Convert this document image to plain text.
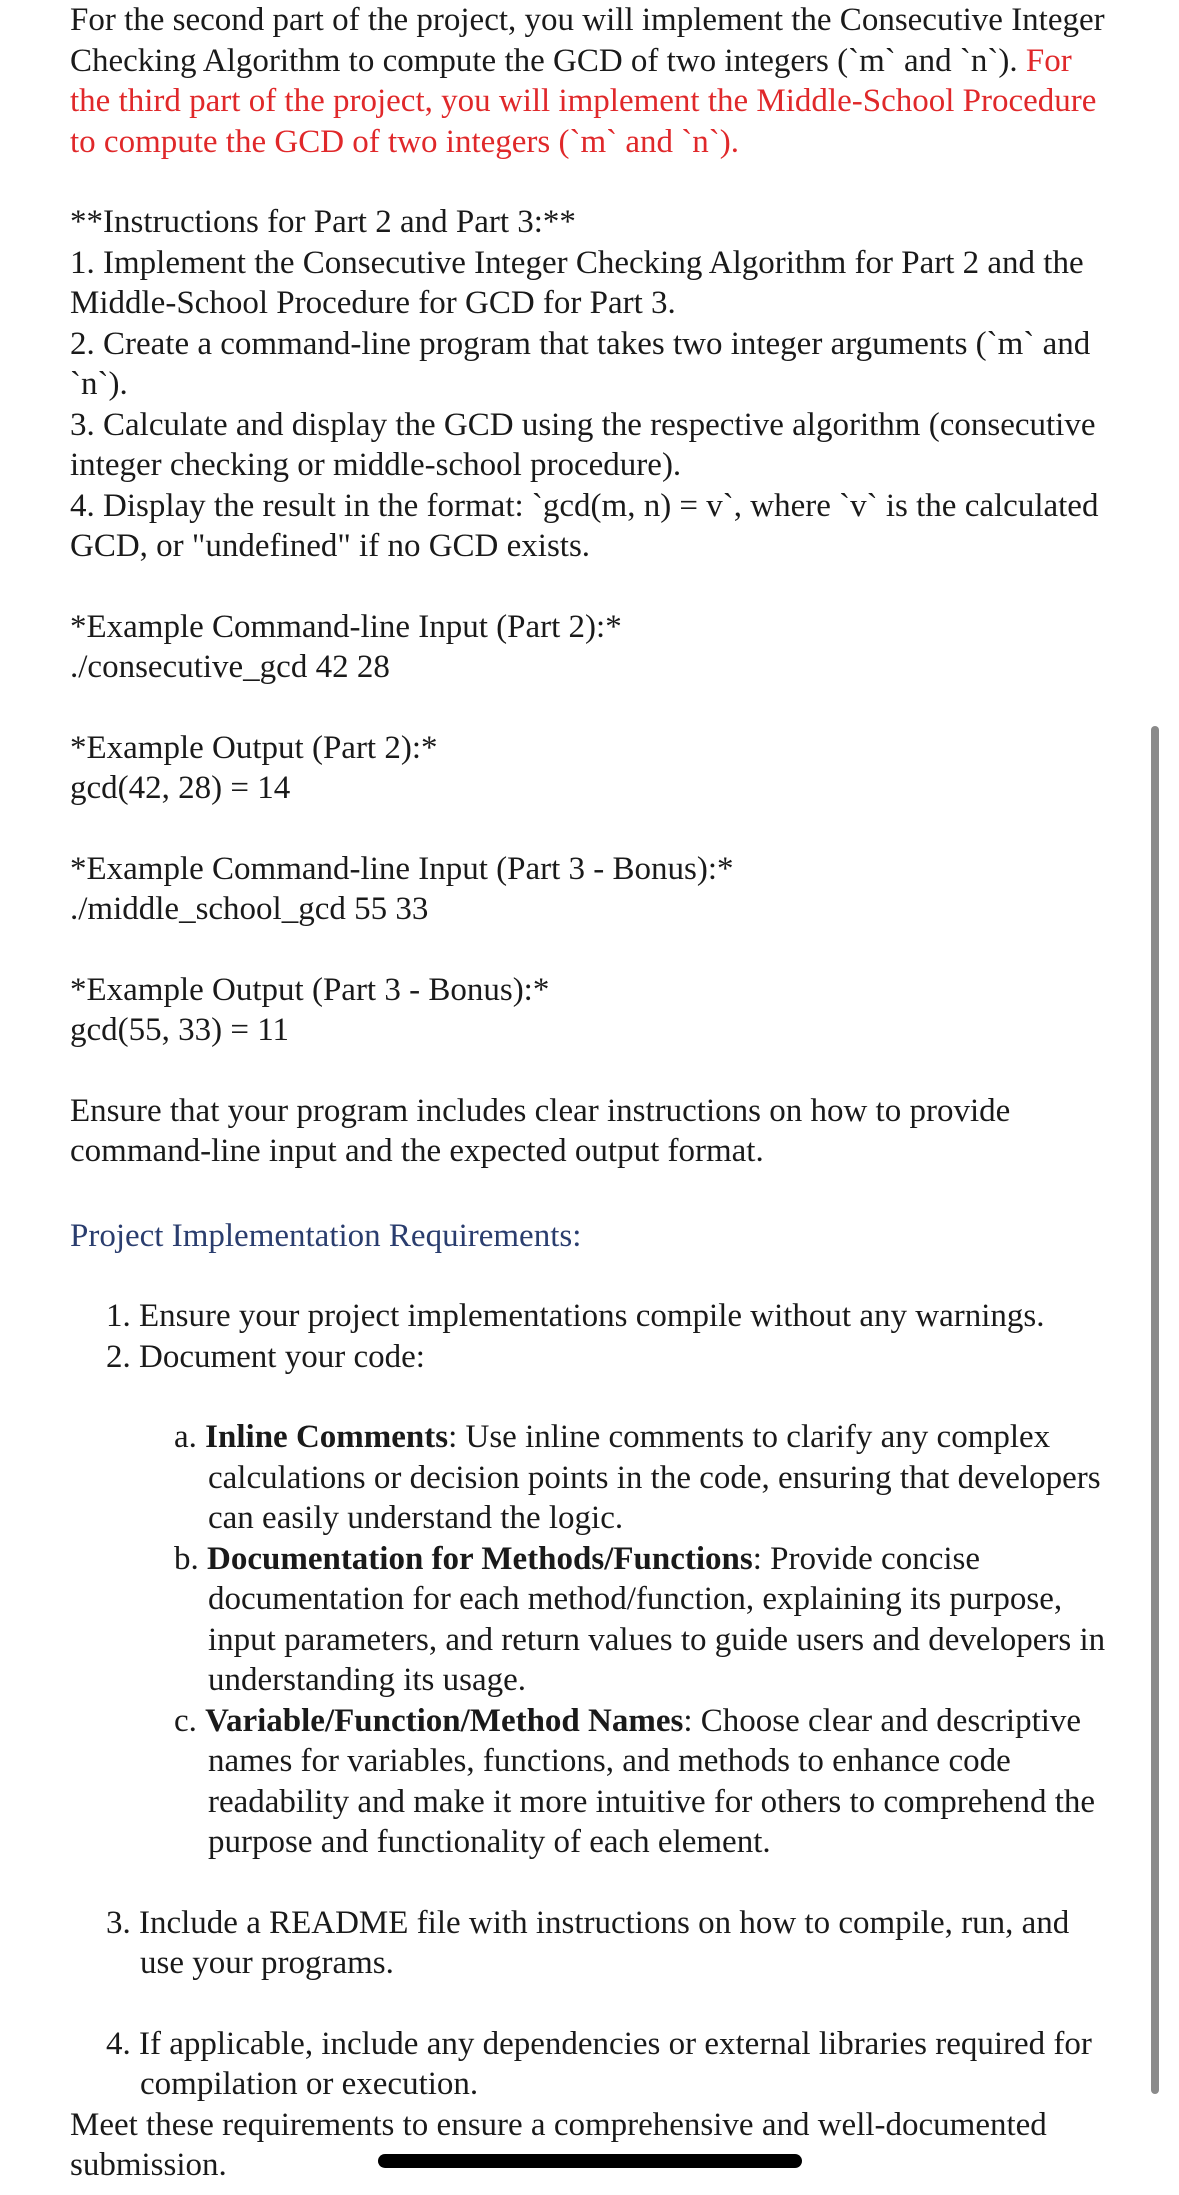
For the second part of the project, you will implement the Consecutive Integer Checking Algorithm to compute the GCD of two integers (`m` and `n`). For the third part of the project, you will implement the Middle-School Procedure to compute the GCD of two integers (`m` and `n`).

**Instructions for Part 2 and Part 3:**

1. Implement the Consecutive Integer Checking Algorithm for Part 2 and the Middle-School Procedure for GCD for Part 3.

2. Create a command-line program that takes two integer arguments (`m` and `n`).

3. Calculate and display the GCD using the respective algorithm (consecutive integer checking or middle-school procedure).

4. Display the result in the format: `gcd(m, n) = v`, where `v` is the calculated GCD, or "undefined" if no GCD exists.

*Example Command-line Input (Part 2):*

./consecutive_gcd 42 28

*Example Output (Part 2):*

gcd(42, 28) = 14

*Example Command-line Input (Part 3 - Bonus):*

./middle_school_gcd 55 33

*Example Output (Part 3 - Bonus):*

gcd(55, 33) = 11

Ensure that your program includes clear instructions on how to provide command-line input and the expected output format.

Project Implementation Requirements:

1. Ensure your project implementations compile without any warnings.

2. Document your code:

a. Inline Comments: Use inline comments to clarify any complex calculations or decision points in the code, ensuring that developers can easily understand the logic.

b. Documentation for Methods/Functions: Provide concise documentation for each method/function, explaining its purpose, input parameters, and return values to guide users and developers in understanding its usage.

c. Variable/Function/Method Names: Choose clear and descriptive names for variables, functions, and methods to enhance code readability and make it more intuitive for others to comprehend the purpose and functionality of each element.

3. Include a README file with instructions on how to compile, run, and use your programs.

4. If applicable, include any dependencies or external libraries required for compilation or execution.

Meet these requirements to ensure a comprehensive and well-documented submission.
